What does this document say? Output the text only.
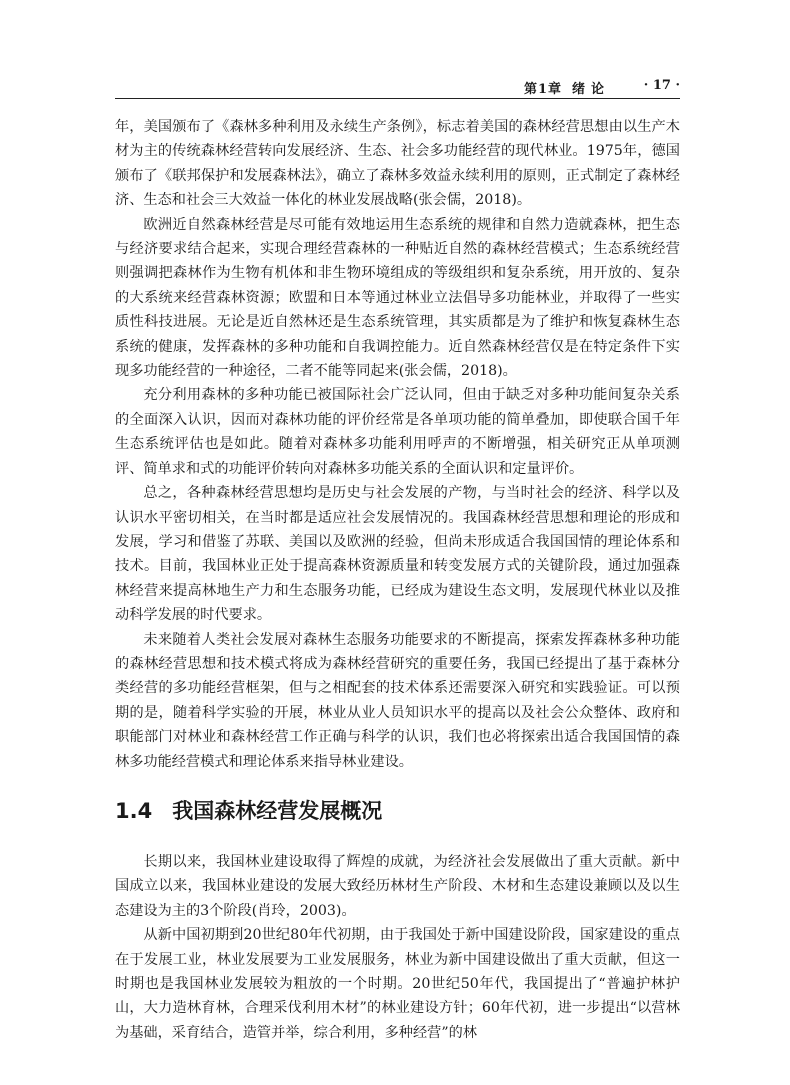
第1章 绪论	· 17 ·

年，美国颁布了《森林多种利用及永续生产条例》，标志着美国的森林经营思想由以生产木材为主的传统森林经营转向发展经济、生态、社会多功能经营的现代林业。1975年，德国颁布了《联邦保护和发展森林法》，确立了森林多效益永续利用的原则，正式制定了森林经济、生态和社会三大效益一体化的林业发展战略(张会儒，2018)。

欧洲近自然森林经营是尽可能有效地运用生态系统的规律和自然力造就森林，把生态与经济要求结合起来，实现合理经营森林的一种贴近自然的森林经营模式；生态系统经营则强调把森林作为生物有机体和非生物环境组成的等级组织和复杂系统，用开放的、复杂的大系统来经营森林资源；欧盟和日本等通过林业立法倡导多功能林业，并取得了一些实质性科技进展。无论是近自然林还是生态系统管理，其实质都是为了维护和恢复森林生态系统的健康，发挥森林的多种功能和自我调控能力。近自然森林经营仅是在特定条件下实现多功能经营的一种途径，二者不能等同起来(张会儒，2018)。

充分利用森林的多种功能已被国际社会广泛认同，但由于缺乏对多种功能间复杂关系的全面深入认识，因而对森林功能的评价经常是各单项功能的简单叠加，即使联合国千年生态系统评估也是如此。随着对森林多功能利用呼声的不断增强，相关研究正从单项测评、简单求和式的功能评价转向对森林多功能关系的全面认识和定量评价。

总之，各种森林经营思想均是历史与社会发展的产物，与当时社会的经济、科学以及认识水平密切相关，在当时都是适应社会发展情况的。我国森林经营思想和理论的形成和发展，学习和借鉴了苏联、美国以及欧洲的经验，但尚未形成适合我国国情的理论体系和技术。目前，我国林业正处于提高森林资源质量和转变发展方式的关键阶段，通过加强森林经营来提高林地生产力和生态服务功能，已经成为建设生态文明，发展现代林业以及推动科学发展的时代要求。

未来随着人类社会发展对森林生态服务功能要求的不断提高，探索发挥森林多种功能的森林经营思想和技术模式将成为森林经营研究的重要任务，我国已经提出了基于森林分类经营的多功能经营框架，但与之相配套的技术体系还需要深入研究和实践验证。可以预期的是，随着科学实验的开展，林业从业人员知识水平的提高以及社会公众整体、政府和职能部门对林业和森林经营工作正确与科学的认识，我们也必将探索出适合我国国情的森林多功能经营模式和理论体系来指导林业建设。

1.4 我国森林经营发展概况

长期以来，我国林业建设取得了辉煌的成就，为经济社会发展做出了重大贡献。新中国成立以来，我国林业建设的发展大致经历林材生产阶段、木材和生态建设兼顾以及以生态建设为主的3个阶段(肖玲，2003)。

从新中国初期到20世纪80年代初期，由于我国处于新中国建设阶段，国家建设的重点在于发展工业，林业发展要为工业发展服务，林业为新中国建设做出了重大贡献，但这一时期也是我国林业发展较为粗放的一个时期。20世纪50年代，我国提出了“普遍护林护山，大力造林育林，合理采伐利用木材”的林业建设方针；60年代初，进一步提出“以营林为基础，采育结合，造管并举，综合利用，多种经营”的林
